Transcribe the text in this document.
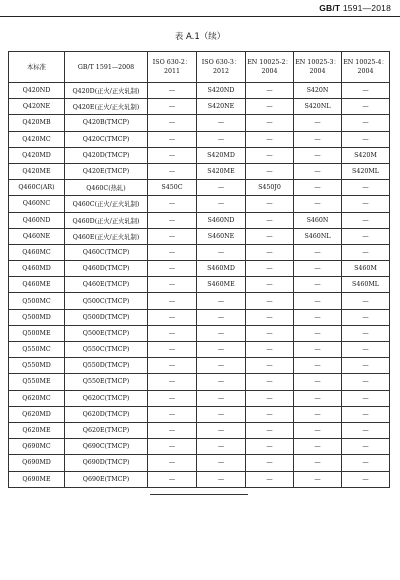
GB/T 1591—2018
表 A.1（续）
本标准	GB/T 1591—2008	ISO 630-2：2011	ISO 630-3：2012	EN 10025-2：2004	EN 10025-3：2004	EN 10025-4：2004
Q420ND	Q420D(正火/正火轧制)	—	S420ND	—	S420N	—
Q420NE	Q420E(正火/正火轧制)	—	S420NE	—	S420NL	—
Q420MB	Q420B(TMCP)	—	—	—	—	—
Q420MC	Q420C(TMCP)	—	—	—	—	—
Q420MD	Q420D(TMCP)	—	S420MD	—	—	S420M
Q420ME	Q420E(TMCP)	—	S420ME	—	—	S420ML
Q460C(AR)	Q460C(热轧)	S450C	—	S450J0	—	—
Q460NC	Q460C(正火/正火轧制)	—	—	—	—	—
Q460ND	Q460D(正火/正火轧制)	—	S460ND	—	S460N	—
Q460NE	Q460E(正火/正火轧制)	—	S460NE	—	S460NL	—
Q460MC	Q460C(TMCP)	—	—	—	—	—
Q460MD	Q460D(TMCP)	—	S460MD	—	—	S460M
Q460ME	Q460E(TMCP)	—	S460ME	—	—	S460ML
Q500MC	Q500C(TMCP)	—	—	—	—	—
Q500MD	Q500D(TMCP)	—	—	—	—	—
Q500ME	Q500E(TMCP)	—	—	—	—	—
Q550MC	Q550C(TMCP)	—	—	—	—	—
Q550MD	Q550D(TMCP)	—	—	—	—	—
Q550ME	Q550E(TMCP)	—	—	—	—	—
Q620MC	Q620C(TMCP)	—	—	—	—	—
Q620MD	Q620D(TMCP)	—	—	—	—	—
Q620ME	Q620E(TMCP)	—	—	—	—	—
Q690MC	Q690C(TMCP)	—	—	—	—	—
Q690MD	Q690D(TMCP)	—	—	—	—	—
Q690ME	Q690E(TMCP)	—	—	—	—	—
